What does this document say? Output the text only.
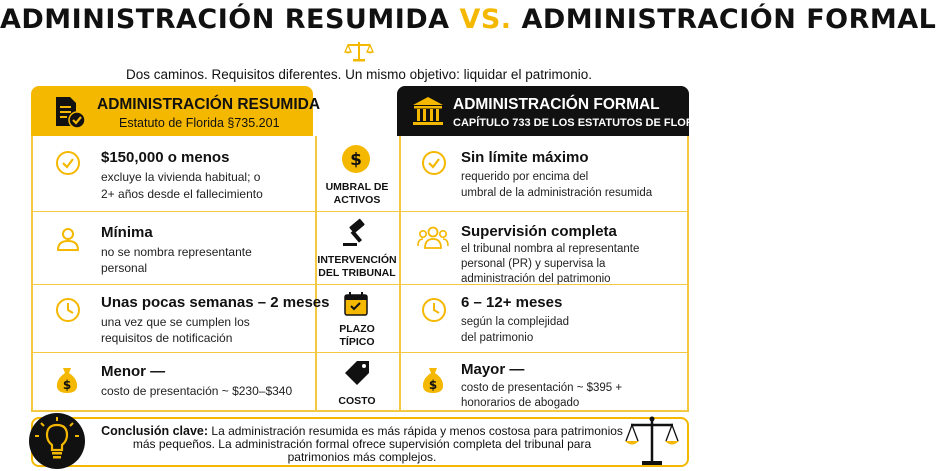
ADMINISTRACIÓN RESUMIDA VS. ADMINISTRACIÓN FORMAL
Dos caminos. Requisitos diferentes. Un mismo objetivo: liquidar el patrimonio.
ADMINISTRACIÓN RESUMIDA
Estatuto de Florida §735.201
ADMINISTRACIÓN FORMAL
CAPÍTULO 733 DE LOS ESTATUTOS DE FLORIDA
$150,000 o menos
excluye la vivienda habitual; o
2+ años desde el fallecimiento
$
UMBRAL DE
ACTIVOS
Sin límite máximo
requerido por encima del
umbral de la administración resumida
Mínima
no se nombra representante
personal
INTERVENCIÓN
DEL TRIBUNAL
Supervisión completa
el tribunal nombra al representante
personal (PR) y supervisa la
administración del patrimonio
Unas pocas semanas – 2 meses
una vez que se cumplen los
requisitos de notificación
PLAZO
TÍPICO
6 – 12+ meses
según la complejidad
del patrimonio
$
Menor —
costo de presentación ~ $230–$340
COSTO
$
Mayor —
costo de presentación ~ $395 +
honorarios de abogado
Conclusión clave: La administración resumida es más rápida y menos costosa para patrimonios
más pequeños. La administración formal ofrece supervisión completa del tribunal para
patrimonios más complejos.
